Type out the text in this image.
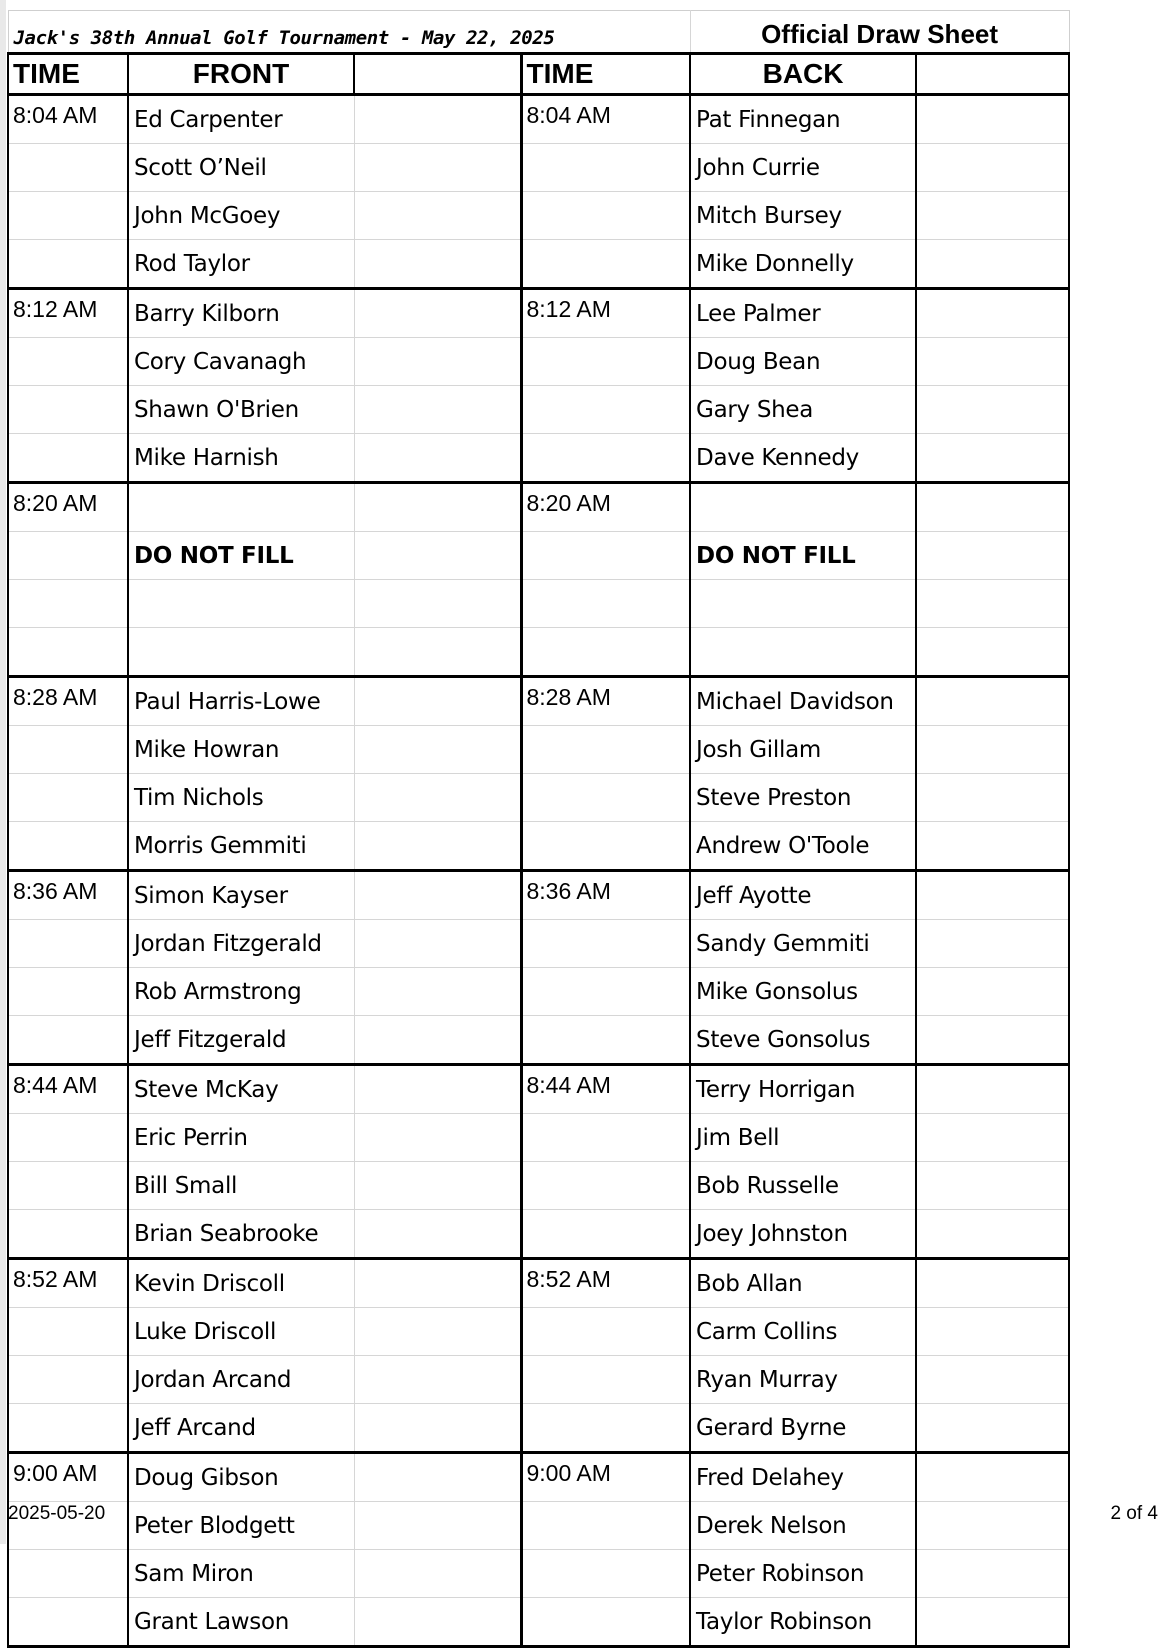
Jack's 38th Annual Golf Tournament - May 22, 2025				Official Draw Sheet	
TIME	FRONT		TIME	BACK	
8:04 AM	Ed Carpenter		8:04 AM	Pat Finnegan	
	Scott O’Neil			John Currie	
	John McGoey			Mitch Bursey	
	Rod Taylor			Mike Donnelly	
8:12 AM	Barry Kilborn		8:12 AM	Lee Palmer	
	Cory Cavanagh			Doug Bean	
	Shawn O'Brien			Gary Shea	
	Mike Harnish			Dave Kennedy	
8:20 AM			8:20 AM		
	DO NOT FILL			DO NOT FILL	

8:28 AM	Paul Harris-Lowe		8:28 AM	Michael Davidson	
	Mike Howran			Josh Gillam	
	Tim Nichols			Steve Preston	
	Morris Gemmiti			Andrew O'Toole	
8:36 AM	Simon Kayser		8:36 AM	Jeff Ayotte	
	Jordan Fitzgerald			Sandy Gemmiti	
	Rob Armstrong			Mike Gonsolus	
	Jeff Fitzgerald			Steve Gonsolus	
8:44 AM	Steve McKay		8:44 AM	Terry Horrigan	
	Eric Perrin			Jim Bell	
	Bill Small			Bob Russelle	
	Brian Seabrooke			Joey Johnston	
8:52 AM	Kevin Driscoll		8:52 AM	Bob Allan	
	Luke Driscoll			Carm Collins	
	Jordan Arcand			Ryan Murray	
	Jeff Arcand			Gerard Byrne	
9:00 AM	Doug Gibson		9:00 AM	Fred Delahey	
	Peter Blodgett			Derek Nelson	
	Sam Miron			Peter Robinson	
	Grant Lawson			Taylor Robinson	
2025-05-20	2 of 4
